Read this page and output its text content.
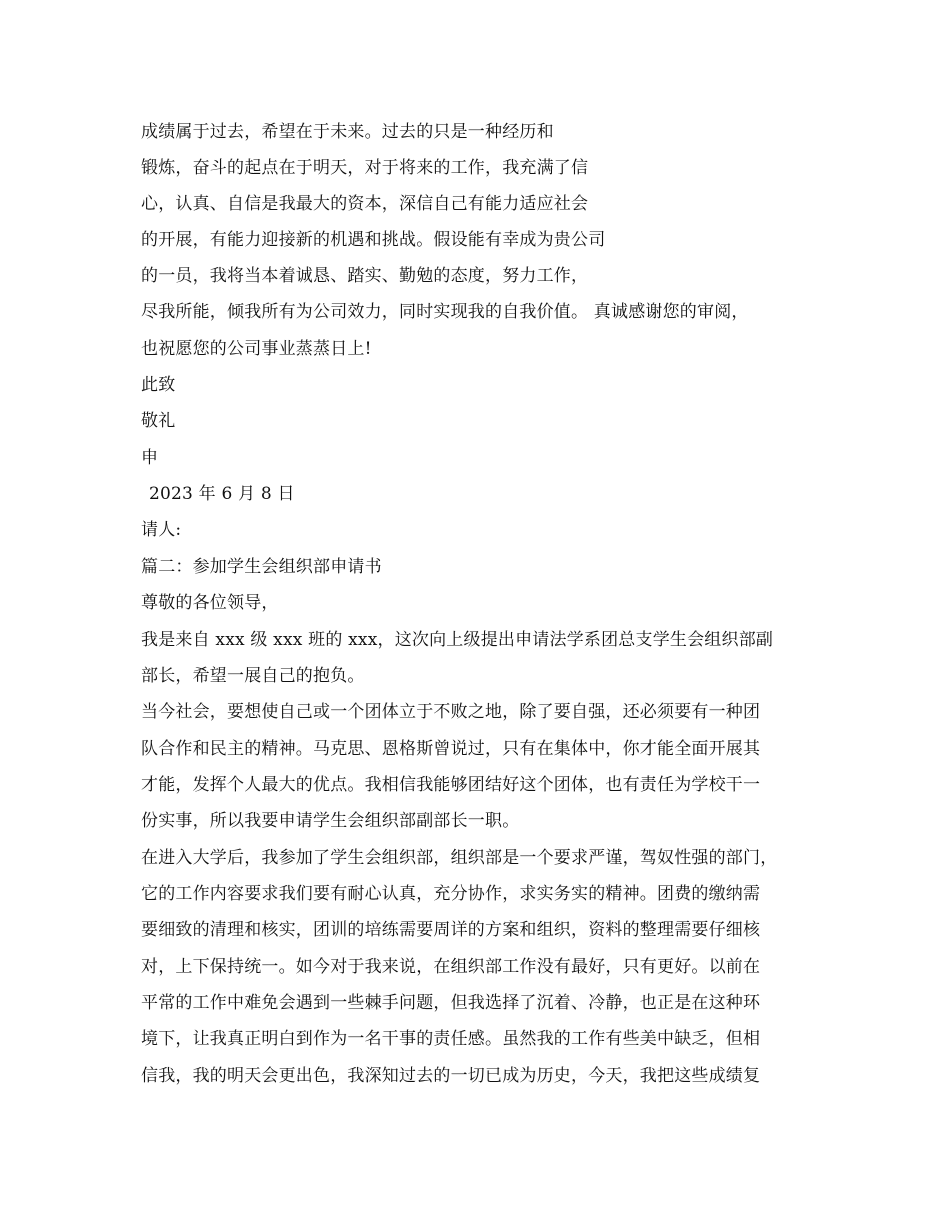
成绩属于过去，希望在于未来。过去的只是一种经历和
锻炼，奋斗的起点在于明天，对于将来的工作，我充满了信
心，认真、自信是我最大的资本，深信自己有能力适应社会
的开展，有能力迎接新的机遇和挑战。假设能有幸成为贵公司
的一员，我将当本着诚恳、踏实、勤勉的态度，努力工作，
尽我所能，倾我所有为公司效力，同时实现我的自我价值。 真诚感谢您的审阅，
也祝愿您的公司事业蒸蒸日上!
此致
敬礼
申
2023 年 6 月 8 日
请人:
篇二：参加学生会组织部申请书
尊敬的各位领导，
我是来自 xxx 级 xxx 班的 xxx，这次向上级提出申请法学系团总支学生会组织部副
部长，希望一展自己的抱负。
当今社会，要想使自己或一个团体立于不败之地，除了要自强，还必须要有一种团
队合作和民主的精神。马克思、恩格斯曾说过，只有在集体中，你才能全面开展其
才能，发挥个人最大的优点。我相信我能够团结好这个团体，也有责任为学校干一
份实事，所以我要申请学生会组织部副部长一职。
在进入大学后，我参加了学生会组织部，组织部是一个要求严谨，驾奴性强的部门，
它的工作内容要求我们要有耐心认真，充分协作，求实务实的精神。团费的缴纳需
要细致的清理和核实，团训的培练需要周详的方案和组织，资料的整理需要仔细核
对，上下保持统一。如今对于我来说，在组织部工作没有最好，只有更好。以前在
平常的工作中难免会遇到一些棘手问题，但我选择了沉着、冷静，也正是在这种环
境下，让我真正明白到作为一名干事的责任感。虽然我的工作有些美中缺乏，但相
信我，我的明天会更出色，我深知过去的一切已成为历史，今天，我把这些成绩复
